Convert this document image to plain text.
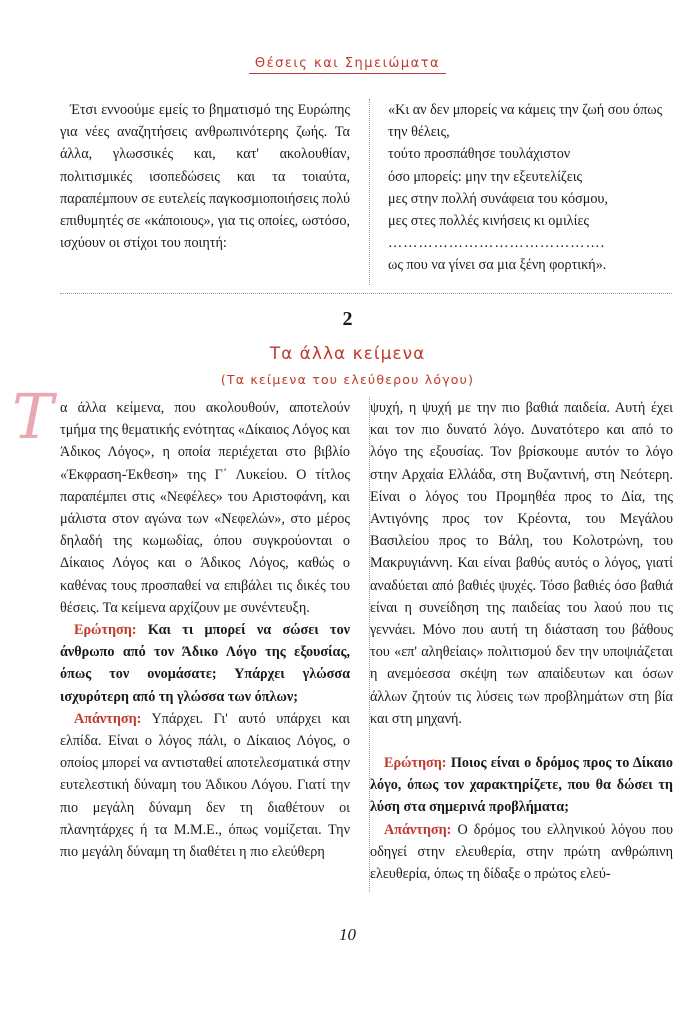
Θέσεις και Σημειώματα

Έτσι εννοούμε εμείς το βηματισμό της Ευρώπης για νέες αναζητήσεις ανθρωπινότερης ζωής. Τα άλλα, γλωσσικές και, κατ' ακολουθίαν, πολιτισμικές ισοπεδώσεις και τα τοιαύτα, παραπέμπουν σε ευτελείς παγκοσμιοποιήσεις πολύ επιθυμητές σε «κάποιους», για τις οποίες, ωστόσο, ισχύουν οι στίχοι του ποιητή:

«Κι αν δεν μπορείς να κάμεις την ζωή σου όπως την θέλεις,

τούτο προσπάθησε τουλάχιστον

όσο μπορείς: μην την εξευτελίζεις

μες στην πολλή συνάφεια του κόσμου,

μες στες πολλές κινήσεις κι ομιλίες

…………………………………….

ως που να γίνει σα μια ξένη φορτική».

2
Τα άλλα κείμενα
(Τα κείμενα του ελεύθερου λόγου)
Τ α άλλα κείμενα, που ακολουθούν, αποτελούν τμήμα της θεματικής ενότητας «Δίκαιος Λόγος και Άδικος Λόγος», η οποία περιέχεται στο βιβλίο «Έκφραση-Έκθεση» της Γ΄ Λυκείου. Ο τίτλος παραπέμπει στις «Νεφέλες» του Αριστοφάνη, και μάλιστα στον αγώνα των «Νεφελών», στο μέρος δηλαδή της κωμωδίας, όπου συγκρούονται ο Δίκαιος Λόγος και ο Άδικος Λόγος, καθώς ο καθένας τους προσπαθεί να επιβάλει τις δικές του θέσεις. Τα κείμενα αρχίζουν με συνέντευξη.

Ερώτηση: Και τι μπορεί να σώσει τον άνθρωπο από τον Άδικο Λόγο της εξουσίας, όπως τον ονομάσατε; Υπάρχει γλώσσα ισχυρότερη από τη γλώσσα των όπλων;

Απάντηση: Υπάρχει. Γι' αυτό υπάρχει και ελπίδα. Είναι ο λόγος πάλι, ο Δίκαιος Λόγος, ο οποίος μπορεί να αντισταθεί αποτελεσματικά στην ευτελεστική δύναμη του Άδικου Λόγου. Γιατί την πιο μεγάλη δύναμη δεν τη διαθέτουν οι πλανητάρχες ή τα Μ.Μ.Ε., όπως νομίζεται. Την πιο μεγάλη δύναμη τη διαθέτει η πιο ελεύθερη

ψυχή, η ψυχή με την πιο βαθιά παιδεία. Αυτή έχει και τον πιο δυνατό λόγο. Δυνατότερο και από το λόγο της εξουσίας. Τον βρίσκουμε αυτόν το λόγο στην Αρχαία Ελλάδα, στη Βυζαντινή, στη Νεότερη. Είναι ο λόγος του Προμηθέα προς το Δία, της Αντιγόνης προς τον Κρέοντα, του Μεγάλου Βασιλείου προς το Βάλη, του Κολοτρώνη, του Μακρυγιάννη. Και είναι βαθύς αυτός ο λόγος, γιατί αναδύεται από βαθιές ψυχές. Τόσο βαθιές όσο βαθιά είναι η συνείδηση της παιδείας του λαού που τις γεννάει. Μόνο που αυτή τη διάσταση του βάθους του «επ' αληθείαις» πολιτισμού δεν την υποψιάζεται η ανεμόεσσα σκέψη των απαίδευτων και όσων άλλων ζητούν τις λύσεις των προβλημάτων στη βία και στη μηχανή.

Ερώτηση: Ποιος είναι ο δρόμος προς το Δίκαιο λόγο, όπως τον χαρακτηρίζετε, που θα δώσει τη λύση στα σημερινά προβλήματα;

Απάντηση: Ο δρόμος του ελληνικού λόγου που οδηγεί στην ελευθερία, στην πρώτη ανθρώπινη ελευθερία, όπως τη δίδαξε ο πρώτος ελεύ-

10
